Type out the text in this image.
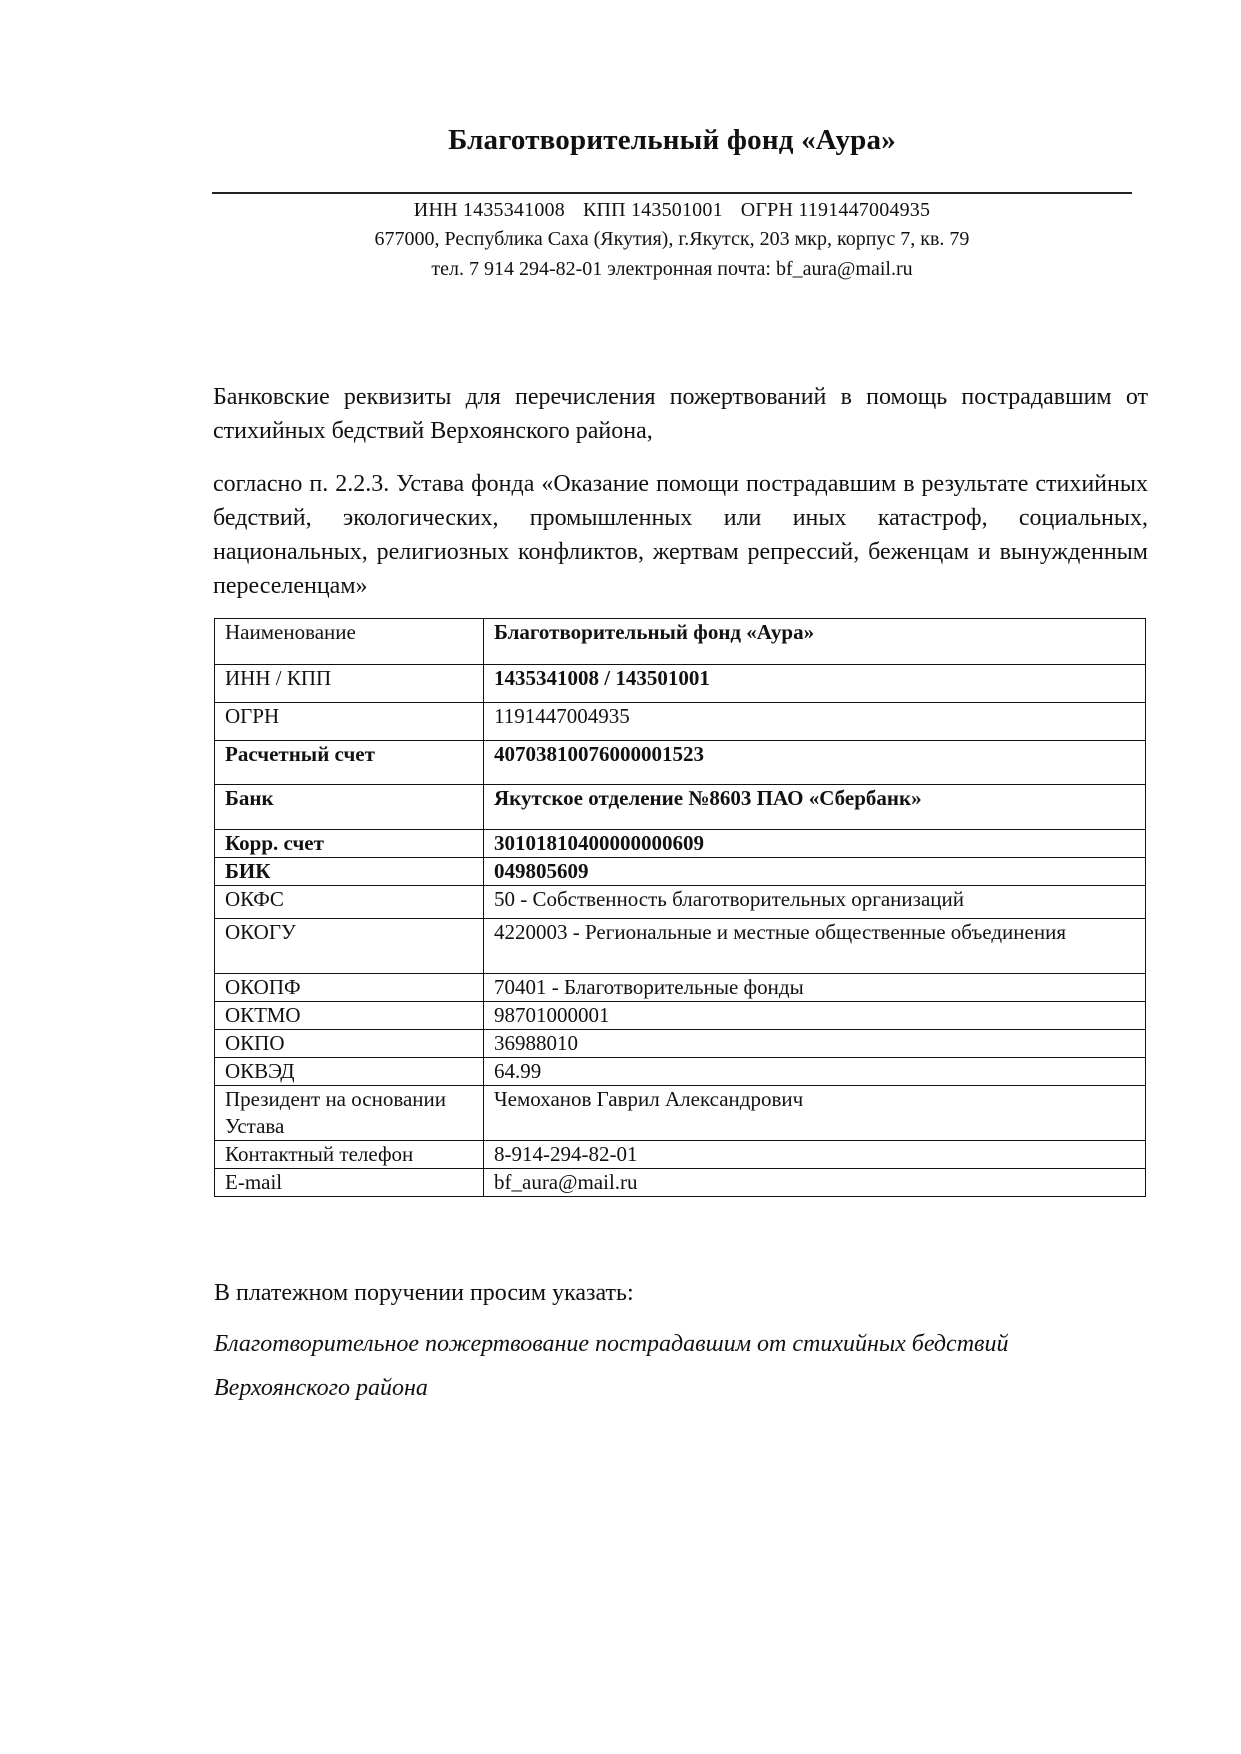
Благотворительный фонд «Аура»
ИНН 1435341008 КПП 143501001 ОГРН 1191447004935
677000, Республика Саха (Якутия), г.Якутск, 203 мкр, корпус 7, кв. 79
тел. 7 914 294-82-01 электронная почта: bf_aura@mail.ru
Банковские реквизиты для перечисления пожертвований в помощь пострадавшим от стихийных бедствий Верхоянского района,
согласно п. 2.2.3. Устава фонда «Оказание помощи пострадавшим в результате стихийных бедствий, экологических, промышленных или иных катастроф, социальных, национальных, религиозных конфликтов, жертвам репрессий, беженцам и вынужденным переселенцам»
Наименование	Благотворительный фонд «Аура»
ИНН / КПП	1435341008 / 143501001
ОГРН	1191447004935
Расчетный счет	40703810076000001523
Банк	Якутское отделение №8603 ПАО «Сбербанк»
Корр. счет	30101810400000000609
БИК	049805609
ОКФС	50 - Собственность благотворительных организаций
ОКОГУ	4220003 - Региональные и местные общественные объединения
ОКОПФ	70401 - Благотворительные фонды
ОКТМО	98701000001
ОКПО	36988010
ОКВЭД	64.99
Президент на основании Устава	Чемоханов Гаврил Александрович
Контактный телефон	8-914-294-82-01
E-mail	bf_aura@mail.ru
В платежном поручении просим указать:
Благотворительное пожертвование пострадавшим от стихийных бедствий Верхоянского района
